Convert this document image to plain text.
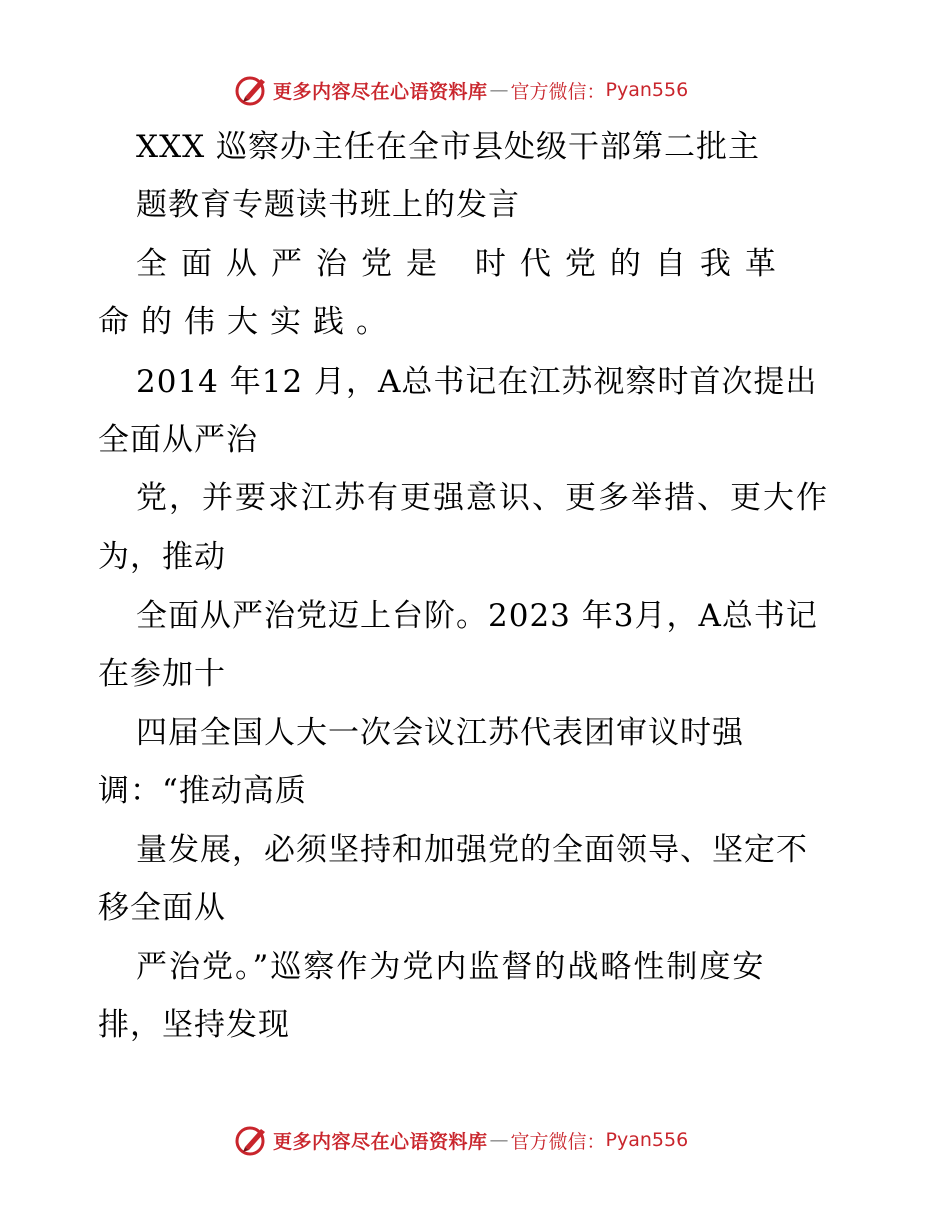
更多内容尽在心语资料库 — 官方微信： Pyan556
XXX 巡察办主任在全市县处级干部第二批主
题教育专题读书班上的发言
全面从严治党是 时代党的自我革
命的伟大实践。
2014 年12 月，A总书记在江苏视察时首次提出
全面从严治
党，并要求江苏有更强意识、更多举措、更大作
为，推动
全面从严治党迈上台阶。2023 年3月，A总书记
在参加十
四届全国人大一次会议江苏代表团审议时强
调：“推动高质
量发展，必须坚持和加强党的全面领导、坚定不
移全面从
严治党。”巡察作为党内监督的战略性制度安
排，坚持发现
更多内容尽在心语资料库 — 官方微信： Pyan556
